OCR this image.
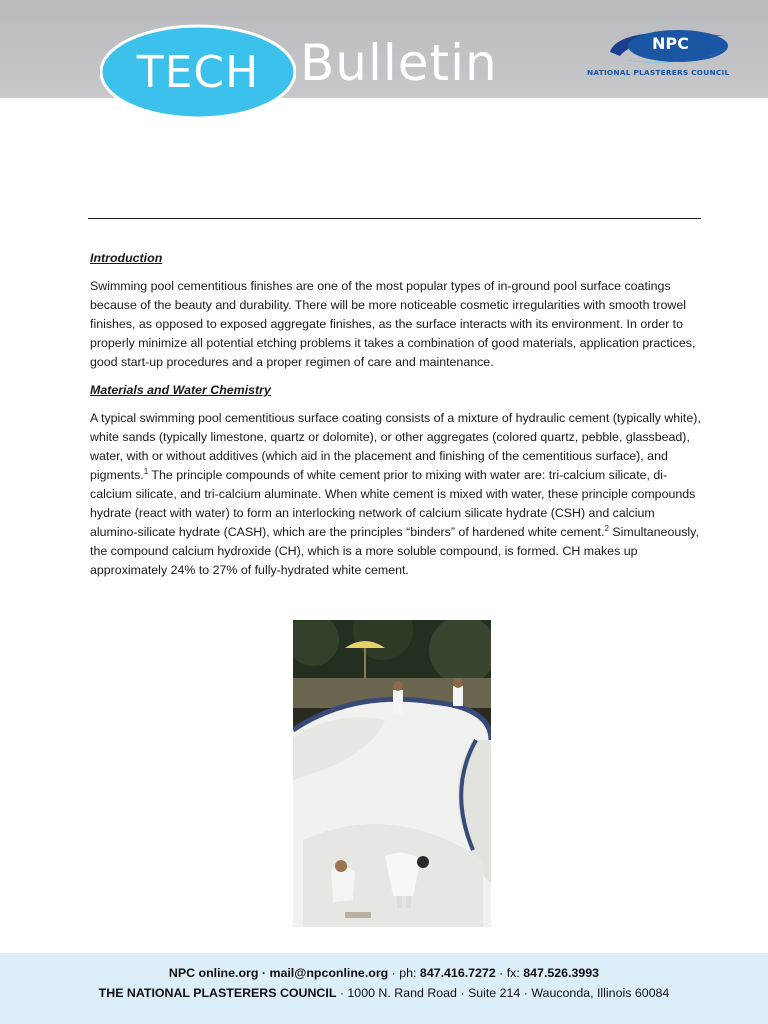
TECH Bulletin	NPC
NATIONAL PLASTERERS COUNCIL

Introduction

Swimming pool cementitious finishes are one of the most popular types of in-ground pool surface coatings because of the beauty and durability. There will be more noticeable cosmetic irregularities with smooth trowel finishes, as opposed to exposed aggregate finishes, as the surface interacts with its environment. In order to properly minimize all potential etching problems it takes a combination of good materials, application practices, good start-up procedures and a proper regimen of care and maintenance.

Materials and Water Chemistry

A typical swimming pool cementitious surface coating consists of a mixture of hydraulic cement (typically white), white sands (typically limestone, quartz or dolomite), or other aggregates (colored quartz, pebble, glassbead), water, with or without additives (which aid in the placement and finishing of the cementitious surface), and pigments.$^1$ The principle compounds of white cement prior to mixing with water are: tri-calcium silicate, di-calcium silicate, and tri-calcium aluminate. When white cement is mixed with water, these principle compounds hydrate (react with water) to form an interlocking network of calcium silicate hydrate (CSH) and calcium alumino-silicate hydrate (CASH), which are the principles “binders” of hardened white cement.$^2$ Simultaneously, the compound calcium hydroxide (CH), which is a more soluble compound, is formed. CH makes up approximately 24% to 27% of fully-hydrated white cement.

NPC online.org · mail@npconline.org · ph: 847.416.7272 · fx: 847.526.3993
THE NATIONAL PLASTERERS COUNCIL · 1000 N. Rand Road · Suite 214 · Wauconda, Illinois 60084
